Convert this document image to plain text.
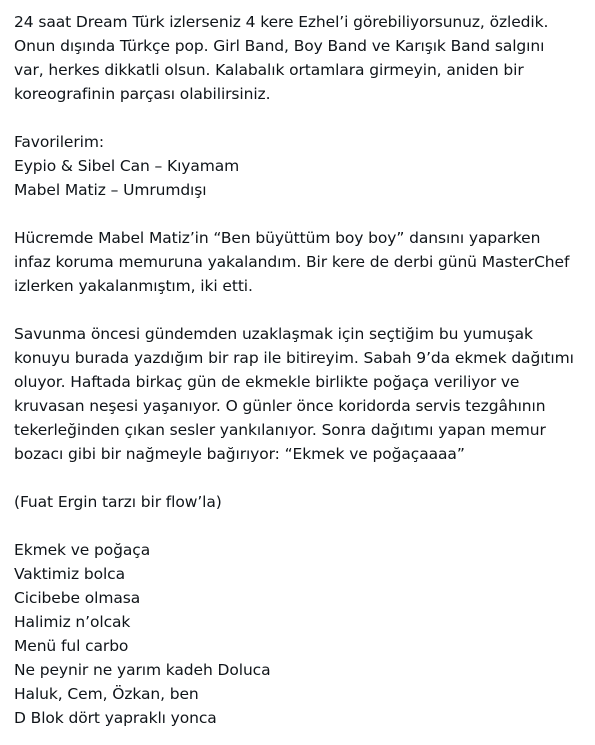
24 saat Dream Türk izlerseniz 4 kere Ezhel’i görebiliyorsunuz, özledik.
Onun dışında Türkçe pop. Girl Band, Boy Band ve Karışık Band salgını
var, herkes dikkatli olsun. Kalabalık ortamlara girmeyin, aniden bir
koreografinin parçası olabilirsiniz.
Favorilerim:
Eypio & Sibel Can – Kıyamam
Mabel Matiz – Umrumdışı
Hücremde Mabel Matiz’in “Ben büyüttüm boy boy” dansını yaparken
infaz koruma memuruna yakalandım. Bir kere de derbi günü MasterChef
izlerken yakalanmıştım, iki etti.
Savunma öncesi gündemden uzaklaşmak için seçtiğim bu yumuşak
konuyu burada yazdığım bir rap ile bitireyim. Sabah 9’da ekmek dağıtımı
oluyor. Haftada birkaç gün de ekmekle birlikte poğaça veriliyor ve
kruvasan neşesi yaşanıyor. O günler önce koridorda servis tezgâhının
tekerleğinden çıkan sesler yankılanıyor. Sonra dağıtımı yapan memur
bozacı gibi bir nağmeyle bağırıyor: “Ekmek ve poğaçaaaa”
(Fuat Ergin tarzı bir flow’la)
Ekmek ve poğaça
Vaktimiz bolca
Cicibebe olmasa
Halimiz n’olcak
Menü ful carbo
Ne peynir ne yarım kadeh Doluca
Haluk, Cem, Özkan, ben
D Blok dört yapraklı yonca
